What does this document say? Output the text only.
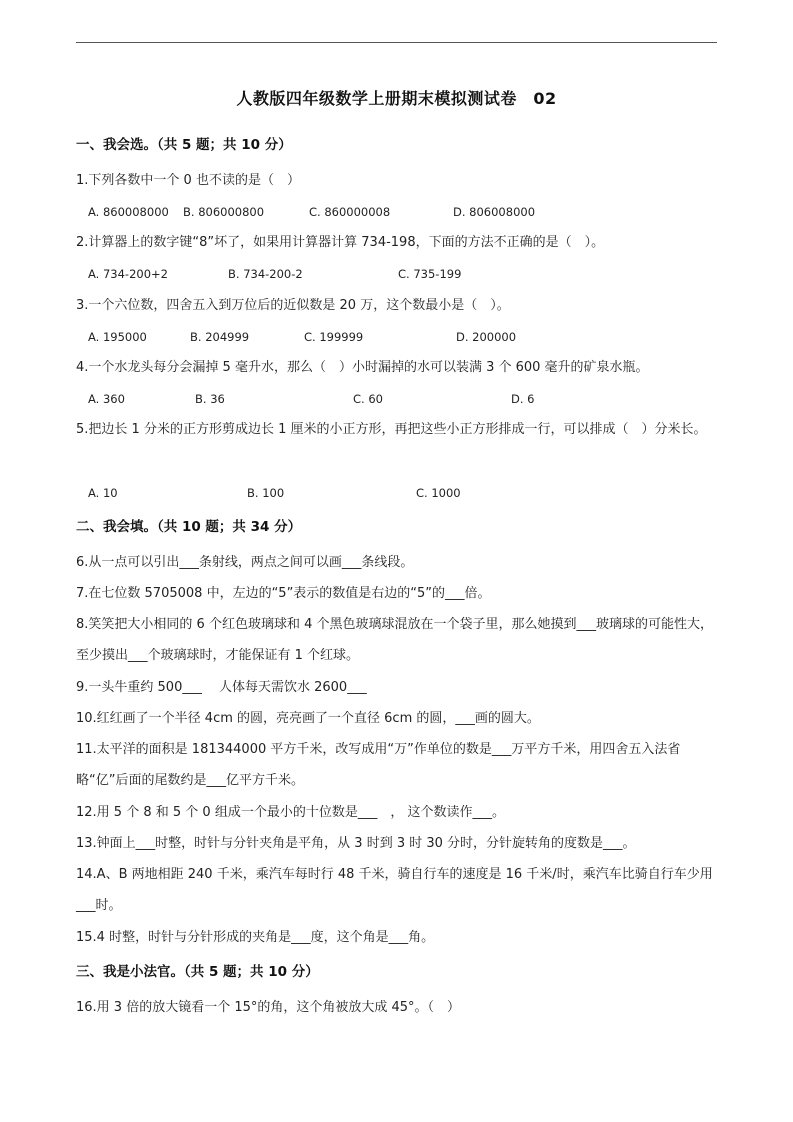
人教版四年级数学上册期末模拟测试卷　02
一、我会选。（共 5 题；共 10 分）
1.下列各数中一个 0 也不读的是（　）
A. 860008000 B. 806000800	C. 860000008	D. 806008000
2.计算器上的数字键“8”坏了，如果用计算器计算 734-198，下面的方法不正确的是（　）。
A. 734-200+2	B. 734-200-2	C. 735-199
3.一个六位数，四舍五入到万位后的近似数是 20 万，这个数最小是（　）。
A. 195000	B. 204999	C. 199999	D. 200000
4.一个水龙头每分会漏掉 5 毫升水，那么（　）小时漏掉的水可以装满 3 个 600 毫升的矿泉水瓶。
A. 360	B. 36	C. 60	D. 6
5.把边长 1 分米的正方形剪成边长 1 厘米的小正方形，再把这些小正方形排成一行，可以排成（　）分米长。
A. 10	B. 100	C. 1000
二、我会填。（共 10 题；共 34 分）
6.从一点可以引出___条射线，两点之间可以画___条线段。
7.在七位数 5705008 中，左边的“5”表示的数值是右边的“5”的___倍。
8.笑笑把大小相同的 6 个红色玻璃球和 4 个黑色玻璃球混放在一个袋子里，那么她摸到___玻璃球的可能性大，至少摸出___个玻璃球时，才能保证有 1 个红球。
9.一头牛重约 500___　 人体每天需饮水 2600___
10.红红画了一个半径 4cm 的圆，亮亮画了一个直径 6cm 的圆，___画的圆大。
11.太平洋的面积是 181344000 平方千米，改写成用“万”作单位的数是___万平方千米，用四舍五入法省略“亿”后面的尾数约是___亿平方千米。
12.用 5 个 8 和 5 个 0 组成一个最小的十位数是___　， 这个数读作___。
13.钟面上___时整，时针与分针夹角是平角，从 3 时到 3 时 30 分时，分针旋转角的度数是___。
14.A、B 两地相距 240 千米，乘汽车每时行 48 千米，骑自行车的速度是 16 千米/时，乘汽车比骑自行车少用___时。
15.4 时整，时针与分针形成的夹角是___度，这个角是___角。
三、我是小法官。（共 5 题；共 10 分）
16.用 3 倍的放大镜看一个 15°的角，这个角被放大成 45°。（　）
